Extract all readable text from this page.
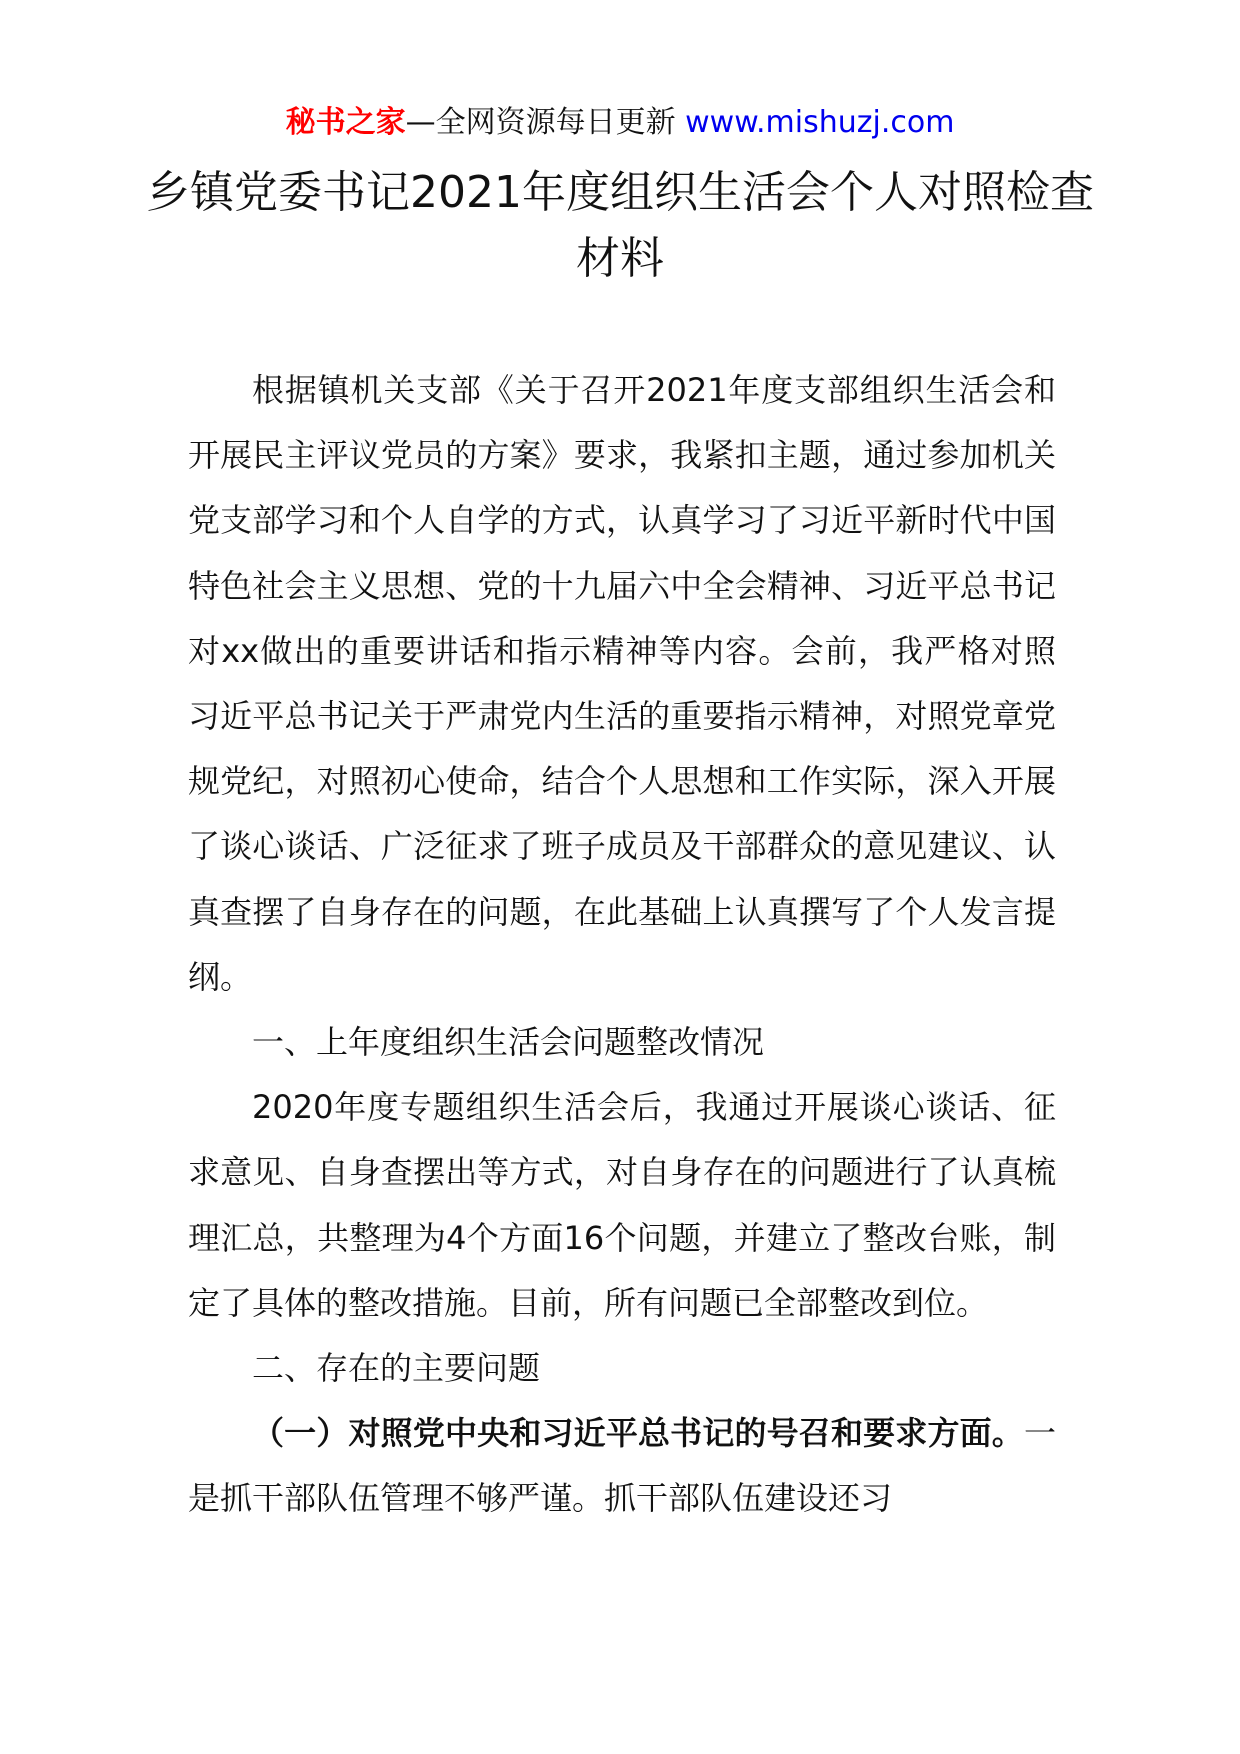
秘书之家—全网资源每日更新 www.mishuzj.com
乡镇党委书记2021年度组织生活会个人对照检查材料

根据镇机关支部《关于召开2021年度支部组织生活会和开展民主评议党员的方案》要求，我紧扣主题，通过参加机关党支部学习和个人自学的方式，认真学习了习近平新时代中国特色社会主义思想、党的十九届六中全会精神、习近平总书记对xx做出的重要讲话和指示精神等内容。会前，我严格对照习近平总书记关于严肃党内生活的重要指示精神，对照党章党规党纪，对照初心使命，结合个人思想和工作实际，深入开展了谈心谈话、广泛征求了班子成员及干部群众的意见建议、认真查摆了自身存在的问题，在此基础上认真撰写了个人发言提纲。

一、上年度组织生活会问题整改情况

2020年度专题组织生活会后，我通过开展谈心谈话、征求意见、自身查摆出等方式，对自身存在的问题进行了认真梳理汇总，共整理为4个方面16个问题，并建立了整改台账，制定了具体的整改措施。目前，所有问题已全部整改到位。

二、存在的主要问题

（一）对照党中央和习近平总书记的号召和要求方面。一是抓干部队伍管理不够严谨。抓干部队伍建设还习
